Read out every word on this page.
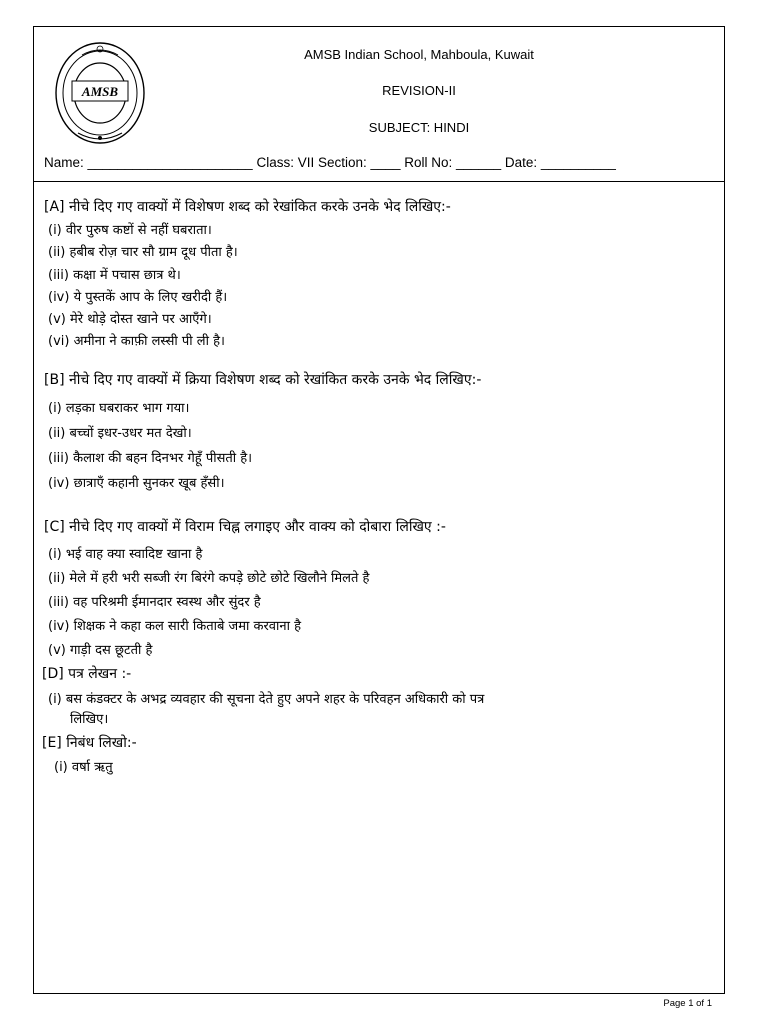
AMSB
AMSB Indian School, Mahboula, Kuwait
REVISION-II
SUBJECT: HINDI
Name: ______________________ Class: VII Section: ____ Roll No: ______ Date: __________
[A] नीचे दिए गए वाक्यों में विशेषण शब्द को रेखांकित करके उनके भेद लिखिए:-
(i) वीर पुरुष कष्टों से नहीं घबराता।
(ii) हबीब रोज़ चार सौ ग्राम दूध पीता है।
(iii) कक्षा में पचास छात्र थे।
(iv) ये पुस्तकें आप के लिए खरीदी हैं।
(v) मेरे थोड़े दोस्त खाने पर आएँगे।
(vi) अमीना ने काफ़ी लस्सी पी ली है।
[B] नीचे दिए गए वाक्यों में क्रिया विशेषण शब्द को रेखांकित करके उनके भेद लिखिए:-
(i) लड़का घबराकर भाग गया।
(ii) बच्चों इधर-उधर मत देखो।
(iii) कैलाश की बहन दिनभर गेहूँ पीसती है।
(iv) छात्राएँ कहानी सुनकर खूब हँसी।
[C] नीचे दिए गए वाक्यों में विराम चिह्न लगाइए और वाक्य को दोबारा लिखिए :-
(i) भई वाह क्या स्वादिष्ट खाना है
(ii) मेले में हरी भरी सब्जी रंग बिरंगे कपड़े छोटे छोटे खिलौने मिलते है
(iii) वह परिश्रमी ईमानदार स्वस्थ और सुंदर है
(iv) शिक्षक ने कहा कल सारी किताबे जमा करवाना है
(v) गाड़ी दस छूटती है
[D] पत्र लेखन :-
(i) बस कंडक्टर के अभद्र व्यवहार की सूचना देते हुए अपने शहर के परिवहन अधिकारी को पत्र
लिखिए।
[E] निबंध लिखो:-
(i) वर्षा ऋतु
Page 1 of 1
